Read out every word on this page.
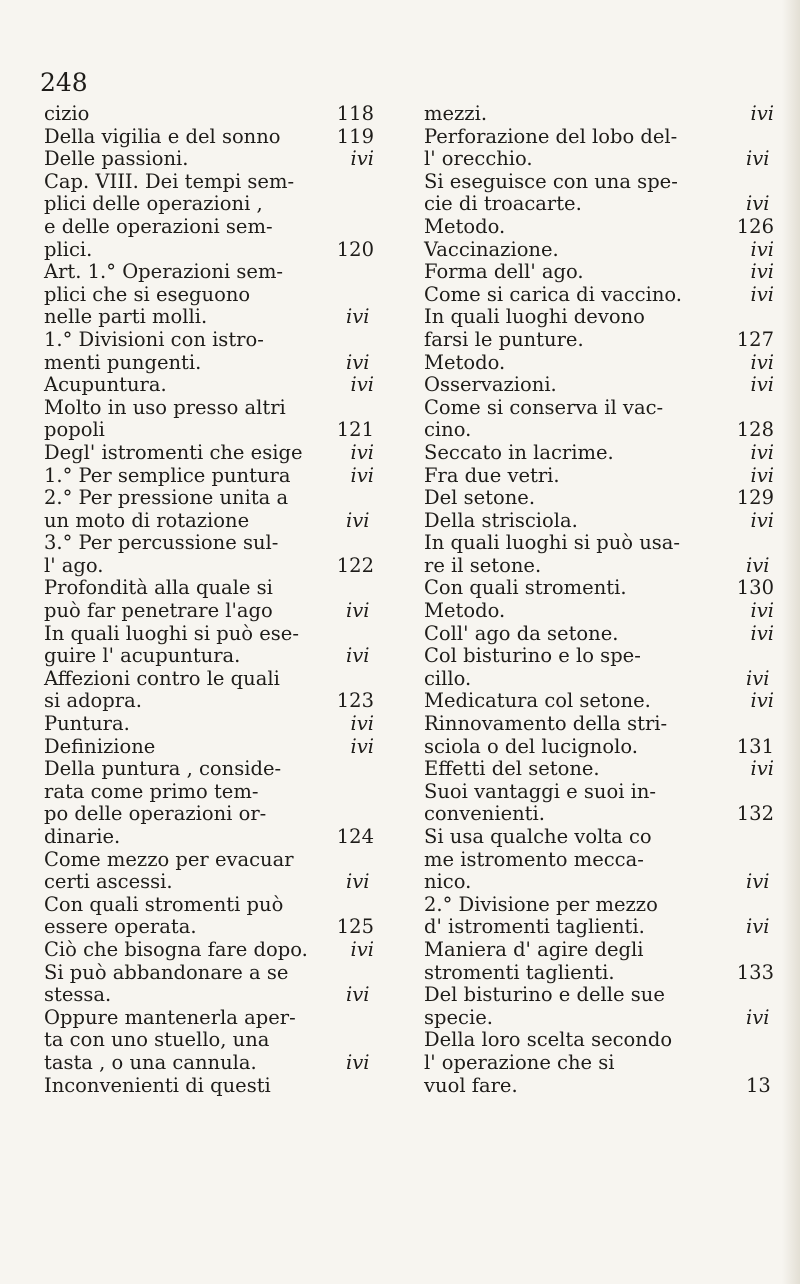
248
cizio	118
Della vigilia e del sonno	119
Delle passioni.	ivi
Cap. VIII. Dei tempi sem-
plici delle operazioni ,
e delle operazioni sem-
plici.	120
Art. 1.° Operazioni sem-
plici che si eseguono
nelle parti molli.	ivi
1.° Divisioni con istro-
menti pungenti.	ivi
Acupuntura.	ivi
Molto in uso presso altri
popoli	121
Degl' istromenti che esige	ivi
1.° Per semplice puntura	ivi
2.° Per pressione unita a
un moto di rotazione	ivi
3.° Per percussione sul-
l' ago.	122
Profondità alla quale si
può far penetrare l'ago	ivi
In quali luoghi si può ese-
guire l' acupuntura.	ivi
Affezioni contro le quali
si adopra.	123
Puntura.	ivi
Definizione	ivi
Della puntura , conside-
rata come primo tem-
po delle operazioni or-
dinarie.	124
Come mezzo per evacuar
certi ascessi.	ivi
Con quali stromenti può
essere operata.	125
Ciò che bisogna fare dopo.	ivi
Si può abbandonare a se
stessa.	ivi
Oppure mantenerla aper-
ta con uno stuello, una
tasta , o una cannula.	ivi
Inconvenienti di questi
mezzi.	ivi
Perforazione del lobo del-
l' orecchio.	ivi
Si eseguisce con una spe-
cie di troacarte.	ivi
Metodo.	126
Vaccinazione.	ivi
Forma dell' ago.	ivi
Come si carica di vaccino.	ivi
In quali luoghi devono
farsi le punture.	127
Metodo.	ivi
Osservazioni.	ivi
Come si conserva il vac-
cino.	128
Seccato in lacrime.	ivi
Fra due vetri.	ivi
Del setone.	129
Della strisciola.	ivi
In quali luoghi si può usa-
re il setone.	ivi
Con quali stromenti.	130
Metodo.	ivi
Coll' ago da setone.	ivi
Col bisturino e lo spe-
cillo.	ivi
Medicatura col setone.	ivi
Rinnovamento della stri-
sciola o del lucignolo.	131
Effetti del setone.	ivi
Suoi vantaggi e suoi in-
convenienti.	132
Si usa qualche volta co
me istromento mecca-
nico.	ivi
2.° Divisione per mezzo
d' istromenti taglienti.	ivi
Maniera d' agire degli
stromenti taglienti.	133
Del bisturino e delle sue
specie.	ivi
Della loro scelta secondo
l' operazione che si
vuol fare.	13
